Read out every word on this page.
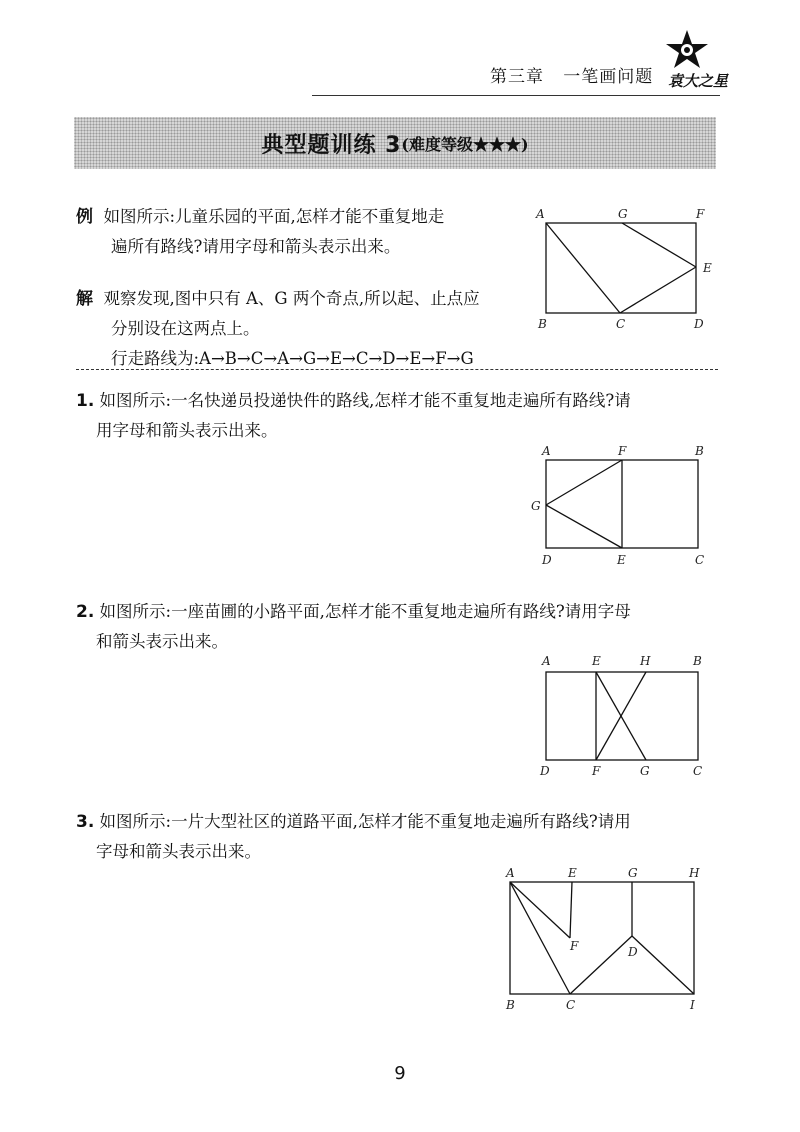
第三章 一笔画问题 袁大之星
典型题训练 3 (难度等级★★★)
例 如图所示:儿童乐园的平面,怎样才能不重复地走
遍所有路线?请用字母和箭头表示出来。
解 观察发现,图中只有 A、G 两个奇点,所以起、止点应
分别设在这两点上。
行走路线为:A→B→C→A→G→E→C→D→E→F→G
A	G	F
E
B	C	D
1. 如图所示:一名快递员投递快件的路线,怎样才能不重复地走遍所有路线?请
用字母和箭头表示出来。
A	F	B
G
D	E	C
2. 如图所示:一座苗圃的小路平面,怎样才能不重复地走遍所有路线?请用字母
和箭头表示出来。
A	E	H	B
D	F	G	C
3. 如图所示:一片大型社区的道路平面,怎样才能不重复地走遍所有路线?请用
字母和箭头表示出来。
A	E	G	H
F	D
B	C	I
9
